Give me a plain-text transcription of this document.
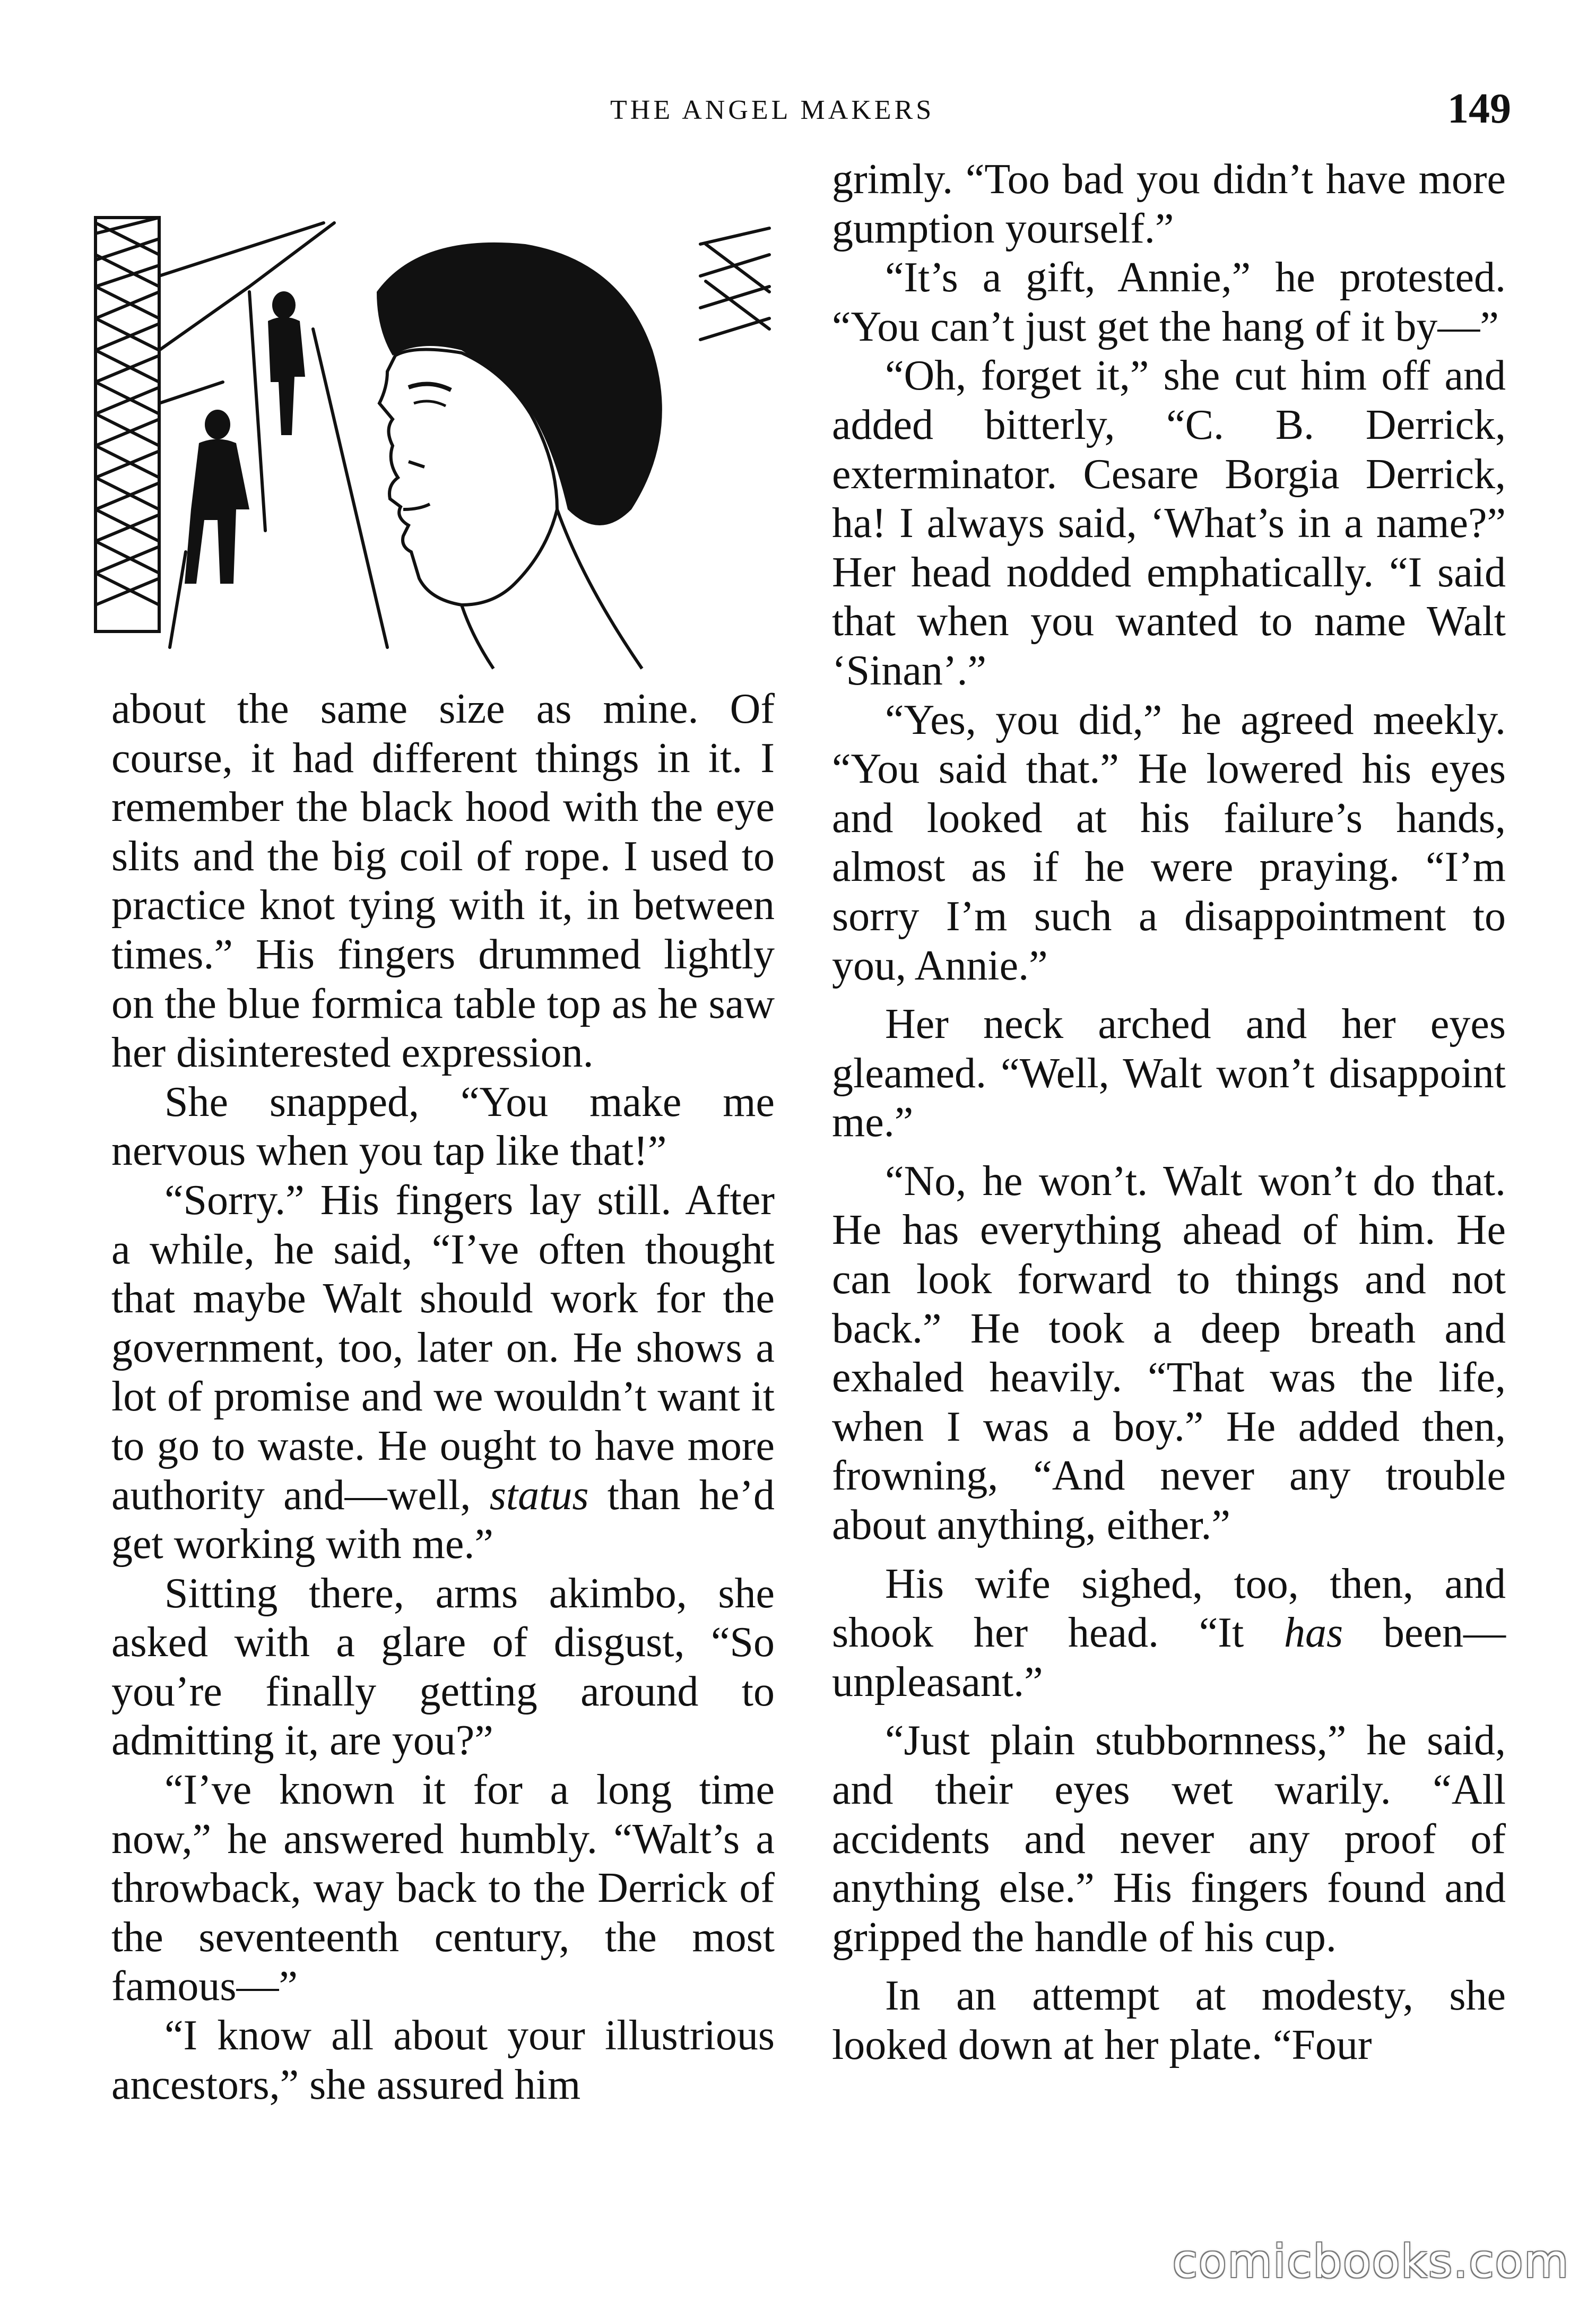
THE ANGEL MAKERS	149

about the same size as mine. Of course, it had different things in it. I remember the black hood with the eye slits and the big coil of rope. I used to practice knot tying with it, in between times.” His fingers drummed lightly on the blue formica table top as he saw her disinterested expression.

She snapped, “You make me nervous when you tap like that!”

“Sorry.” His fingers lay still. After a while, he said, “I’ve often thought that maybe Walt should work for the government, too, later on. He shows a lot of promise and we wouldn’t want it to go to waste. He ought to have more authority and—well, status than he’d get working with me.”

Sitting there, arms akimbo, she asked with a glare of disgust, “So you’re finally getting around to admitting it, are you?”

“I’ve known it for a long time now,” he answered humbly. “Walt’s a throwback, way back to the Derrick of the seventeenth century, the most famous—”

“I know all about your illustrious ancestors,” she assured him

grimly. “Too bad you didn’t have more gumption yourself.”

“It’s a gift, Annie,” he protested. “You can’t just get the hang of it by—”

“Oh, forget it,” she cut him off and added bitterly, “C. B. Derrick, exterminator. Cesare Borgia Derrick, ha! I always said, ‘What’s in a name?” Her head nodded emphatically. “I said that when you wanted to name Walt ‘Sinan’.”

“Yes, you did,” he agreed meekly. “You said that.” He lowered his eyes and looked at his failure’s hands, almost as if he were praying. “I’m sorry I’m such a disappointment to you, Annie.”

Her neck arched and her eyes gleamed. “Well, Walt won’t disappoint me.”

“No, he won’t. Walt won’t do that. He has everything ahead of him. He can look forward to things and not back.” He took a deep breath and exhaled heavily. “That was the life, when I was a boy.” He added then, frowning, “And never any trouble about anything, either.”

His wife sighed, too, then, and shook her head. “It has been—unpleasant.”

“Just plain stubbornness,” he said, and their eyes wet warily. “All accidents and never any proof of anything else.” His fingers found and gripped the handle of his cup.

In an attempt at modesty, she looked down at her plate. “Four

comicbooks.com
